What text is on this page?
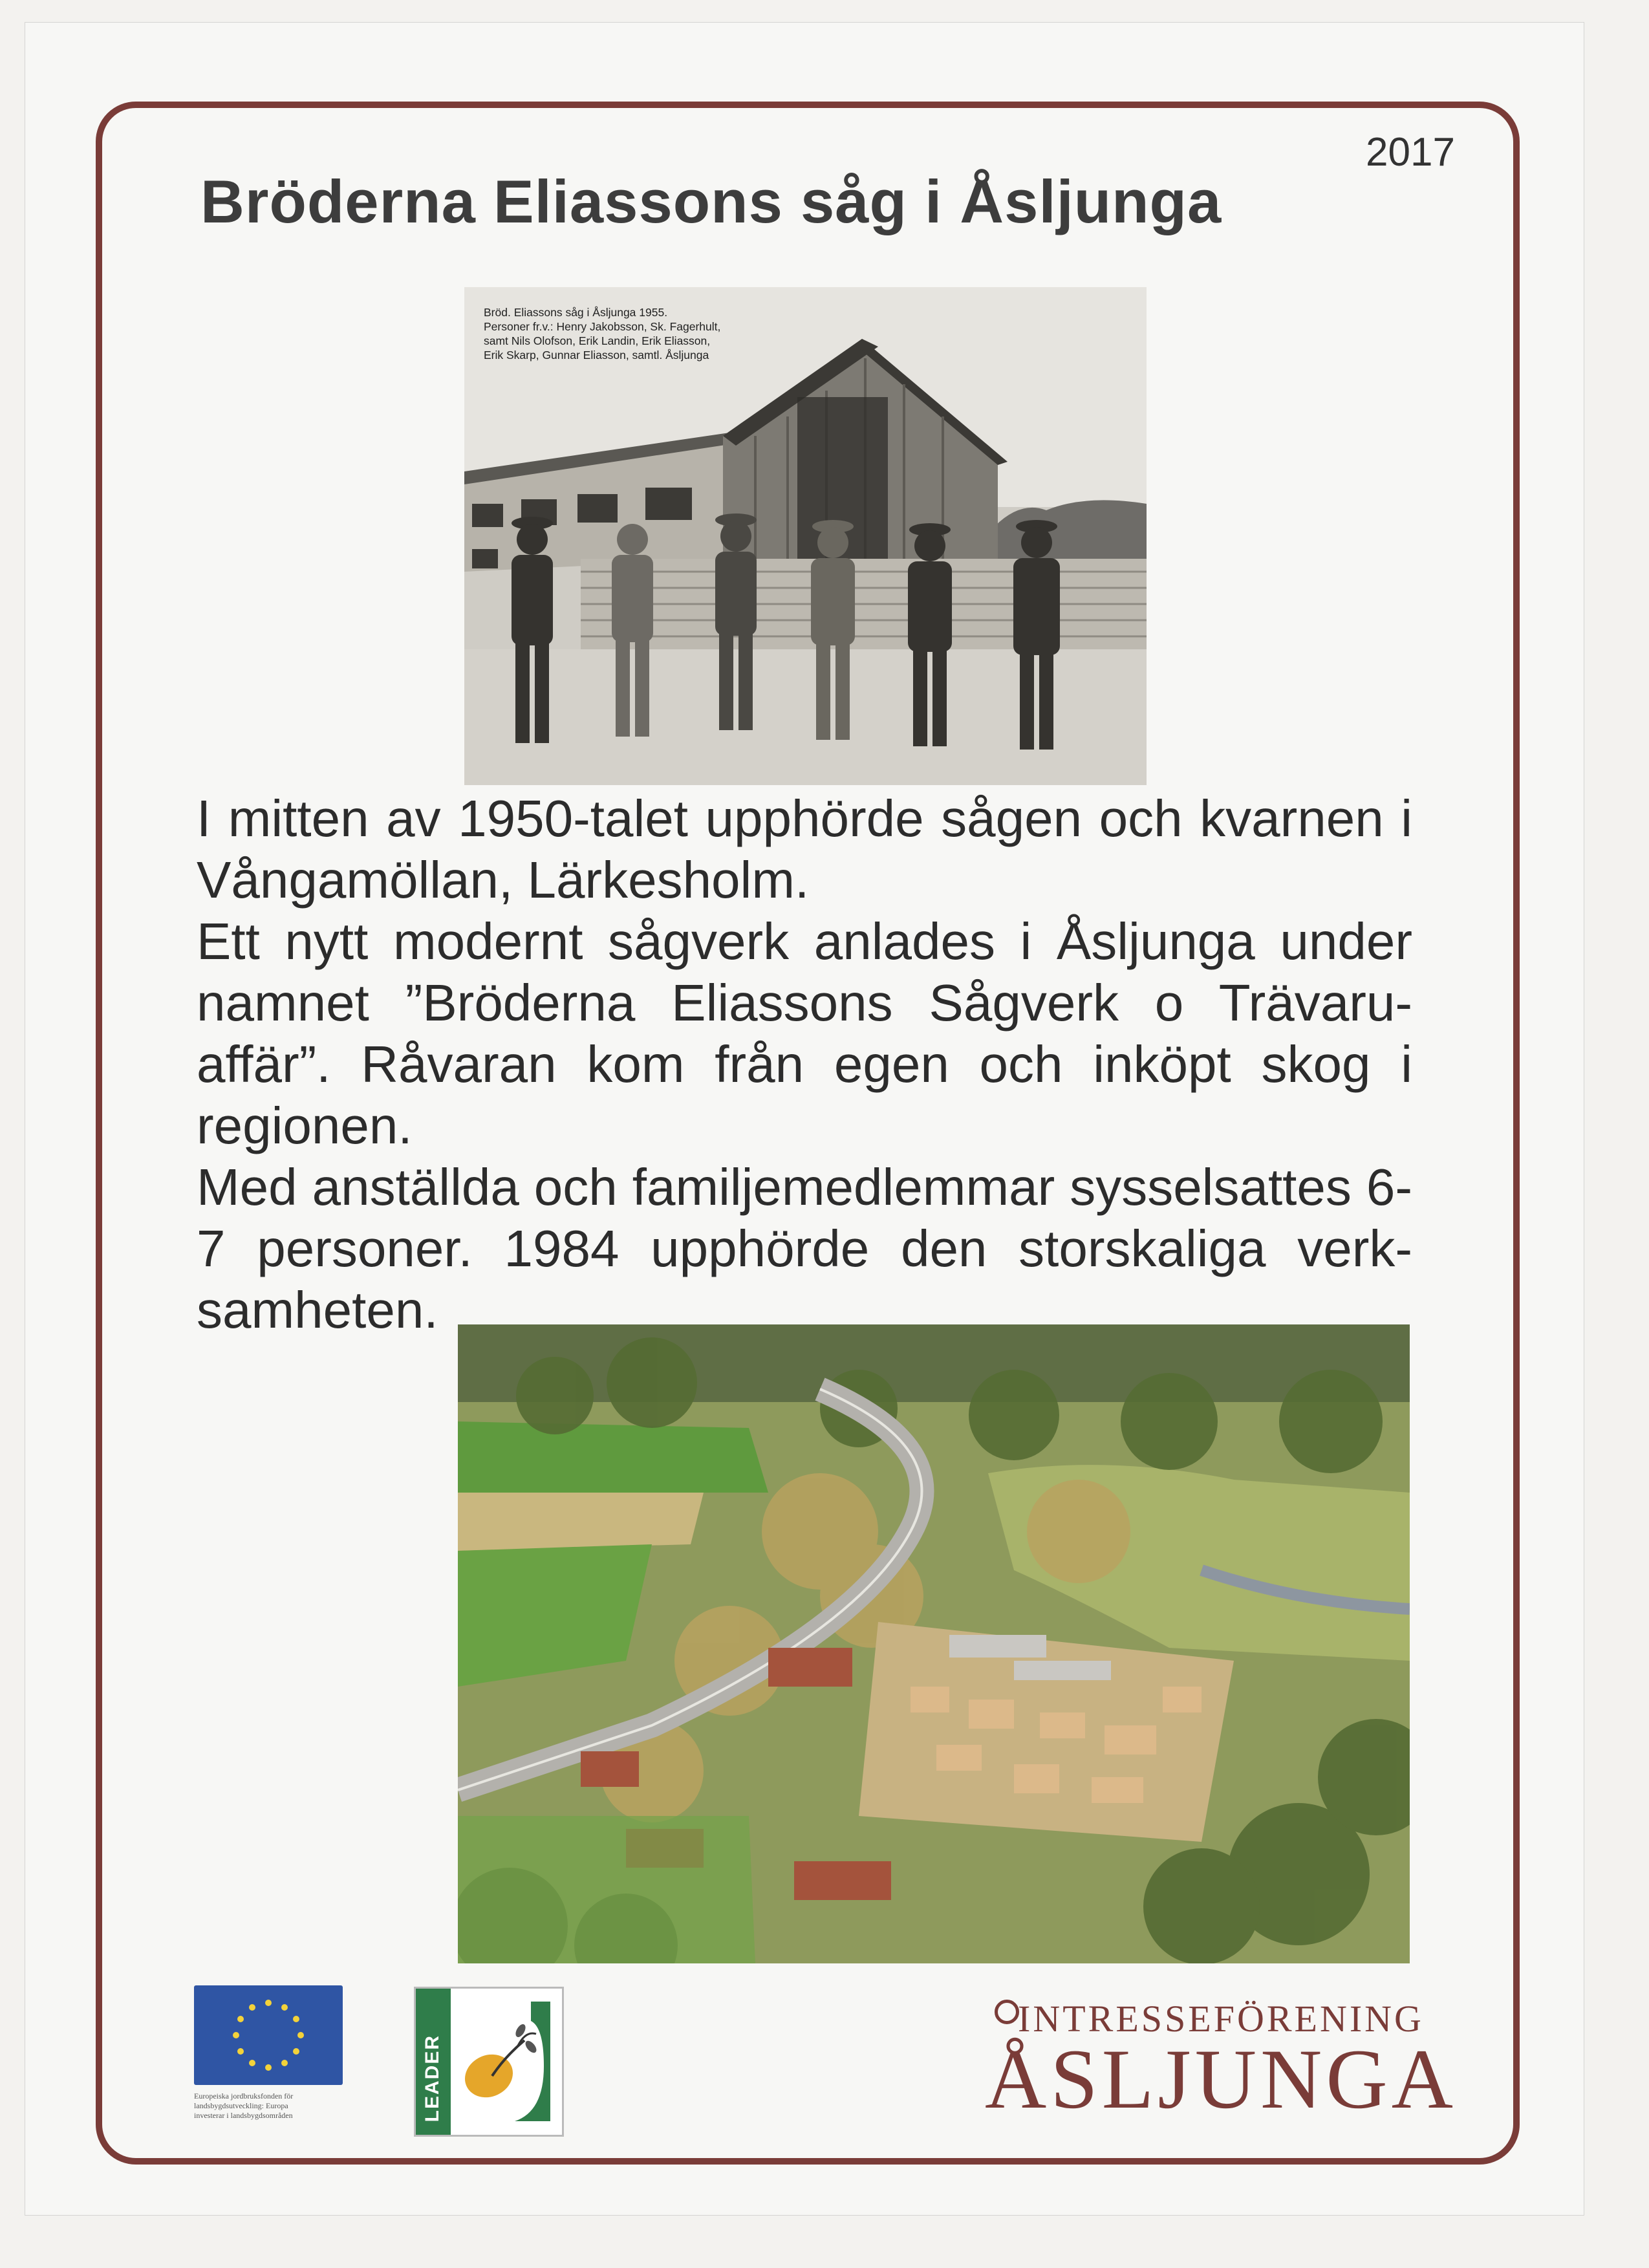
2017
Bröderna Eliassons såg i Åsljunga
Bröd. Eliassons såg i Åsljunga 1955.
Personer fr.v.: Henry Jakobsson, Sk. Fagerhult,
samt Nils Olofson, Erik Landin, Erik Eliasson,
Erik Skarp, Gunnar Eliasson, samtl. Åsljunga

I mitten av 1950-talet upphörde sågen och kvarnen i Vångamöllan, Lärkesholm.

Ett nytt modernt sågverk anlades i Åsljunga under namnet ”Bröderna Eliassons Sågverk o Trävaru-affär”. Råvaran kom från egen och inköpt skog i regionen.

Med anställda och familjemedlemmar sysselsattes 6-7 personer. 1984 upphörde den storskaliga verk-samheten.

Europeiska jordbruksfonden för
landsbygdsutveckling: Europa
investerar i landsbygdsområden	LEADER
INTRESSEFÖRENING
ÅSLJUNGA
